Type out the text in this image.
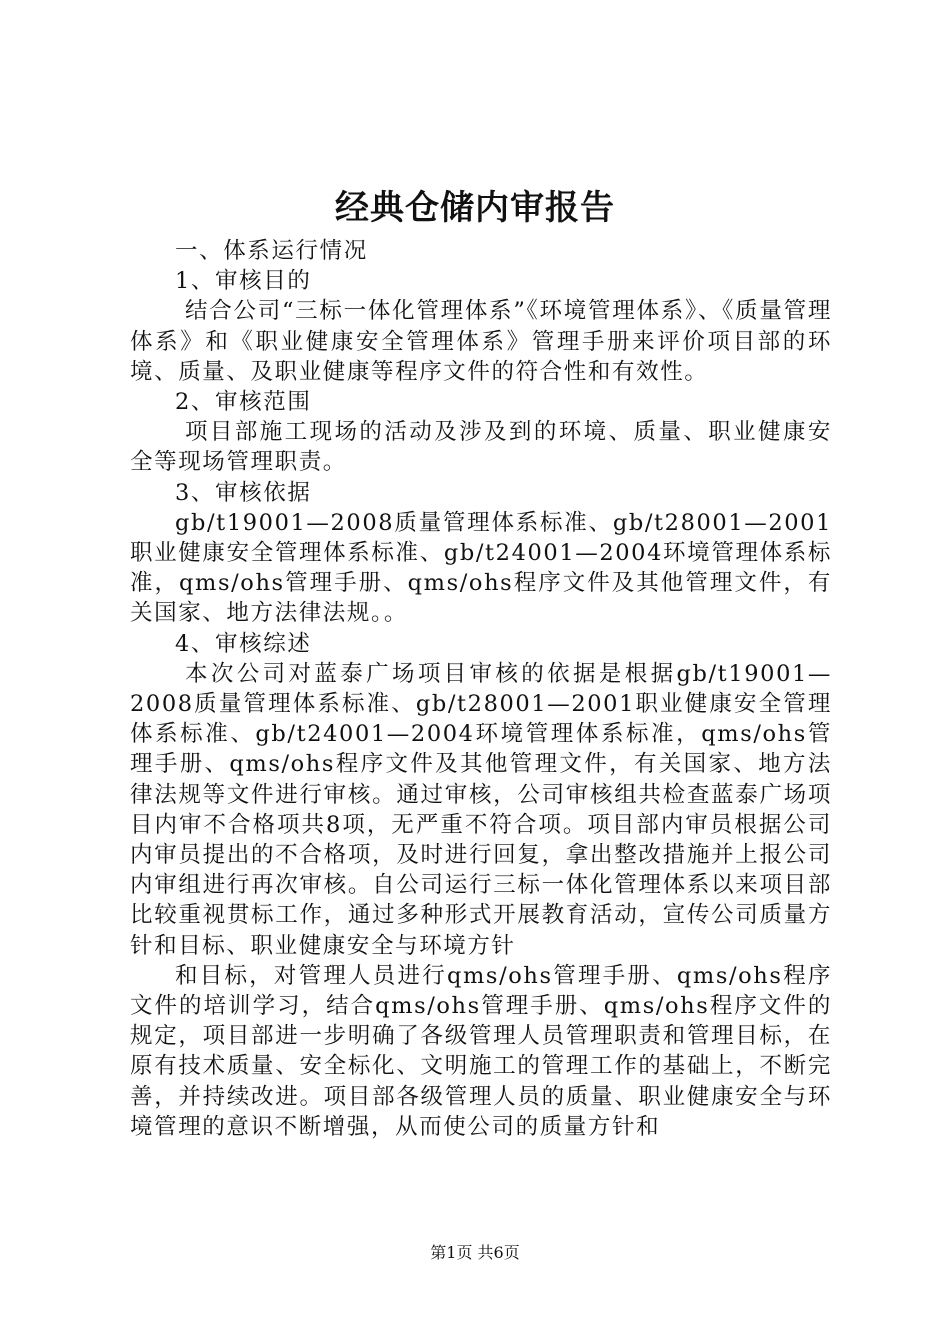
经典仓储内审报告

一、体系运行情况

1、审核目的

结合公司“三标一体化管理体系”《环境管理体系》、《质量管理体系》和《职业健康安全管理体系》管理手册来评价项目部的环境、质量、及职业健康等程序文件的符合性和有效性。

2、审核范围

项目部施工现场的活动及涉及到的环境、质量、职业健康安全等现场管理职责。

3、审核依据

gb/t19001—2008质量管理体系标准、gb/t28001—2001职业健康安全管理体系标准、gb/t24001—2004环境管理体系标准，qms/ohs管理手册、qms/ohs程序文件及其他管理文件，有关国家、地方法律法规。。

4、审核综述

本次公司对蓝泰广场项目审核的依据是根据gb/t19001—2008质量管理体系标准、gb/t28001—2001职业健康安全管理体系标准、gb/t24001—2004环境管理体系标准，qms/ohs管理手册、qms/ohs程序文件及其他管理文件，有关国家、地方法律法规等文件进行审核。通过审核，公司审核组共检查蓝泰广场项目内审不合格项共8项，无严重不符合项。项目部内审员根据公司内审员提出的不合格项，及时进行回复，拿出整改措施并上报公司内审组进行再次审核。自公司运行三标一体化管理体系以来项目部比较重视贯标工作，通过多种形式开展教育活动，宣传公司质量方针和目标、职业健康安全与环境方针

和目标，对管理人员进行qms/ohs管理手册、qms/ohs程序文件的培训学习，结合qms/ohs管理手册、qms/ohs程序文件的规定，项目部进一步明确了各级管理人员管理职责和管理目标，在原有技术质量、安全标化、文明施工的管理工作的基础上，不断完善，并持续改进。项目部各级管理人员的质量、职业健康安全与环境管理的意识不断增强，从而使公司的质量方针和

第1页 共6页
